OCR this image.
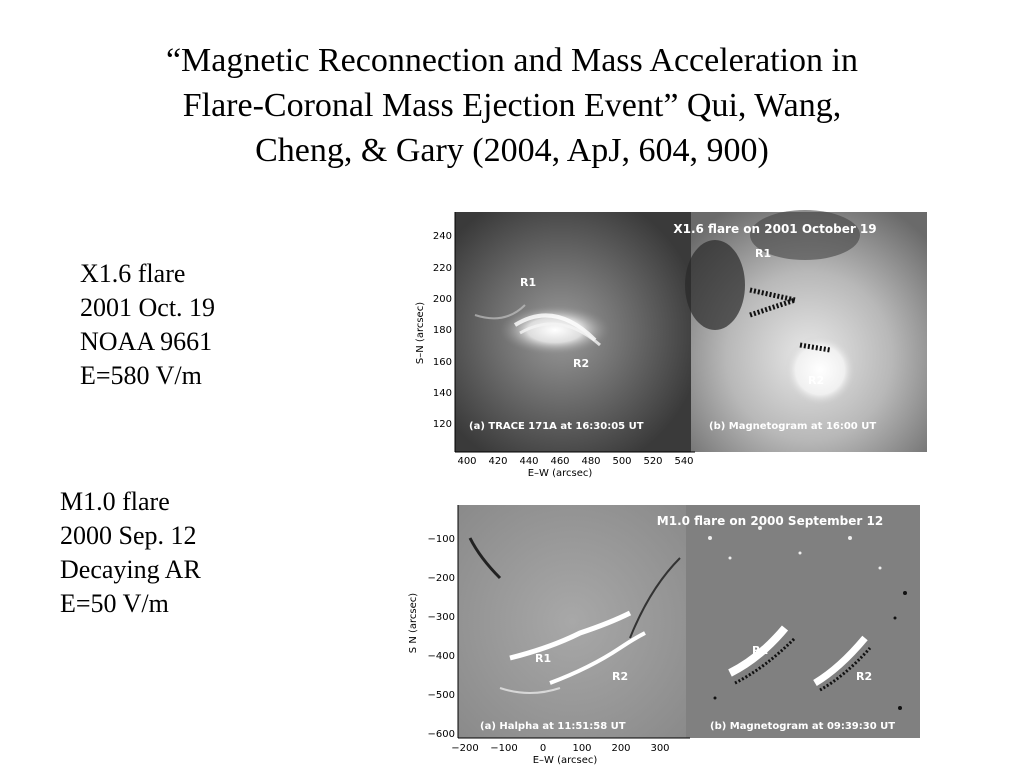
“Magnetic Reconnection and Mass Acceleration in
Flare-Coronal Mass Ejection Event” Qui, Wang,
Cheng, & Gary (2004, ApJ, 604, 900)
X1.6 flare
2001 Oct. 19
NOAA 9661
E=580 V/m
M1.0 flare
2000 Sep. 12
Decaying AR
E=50 V/m
X1.6 flare on 2001 October 19
R1
R2
R1
R2
(a) TRACE 171A at 16:30:05 UT	(b) Magnetogram at 16:00 UT
240
220
200
180
160
140
120
400 420 440 460 480 500 520 540
E–W (arcsec)
S–N (arcsec)
M1.0 flare on 2000 September 12
R1
R2
R1
R2
(a) Halpha at 11:51:58 UT	(b) Magnetogram at 09:39:30 UT
−100
−200
−300
−400
−500
−600
−200 −100 0	100 200 300
E–W (arcsec)
S N (arcsec)
